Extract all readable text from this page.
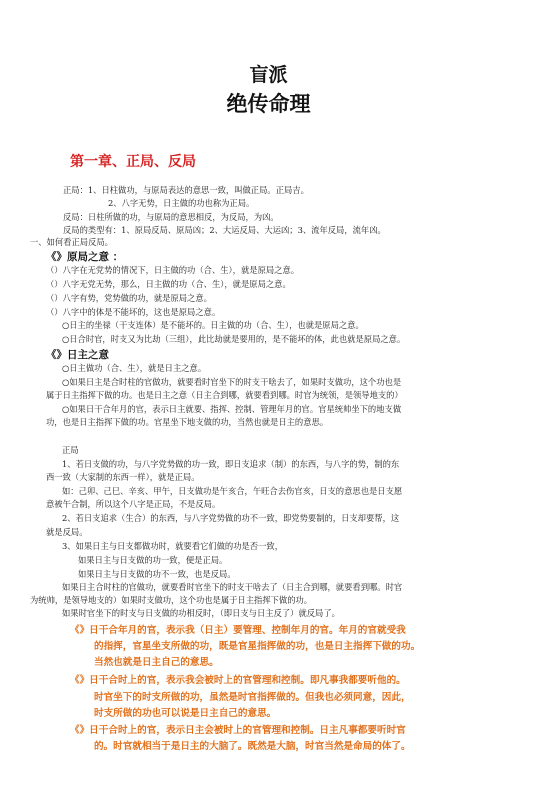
盲派
绝传命理
第一章、正局、反局
正局：1、日柱做功，与原局表达的意思一致，叫做正局。正局吉。
2、八字无势，日主做的功也称为正局。
反局：日柱所做的功，与原局的意思相反，为反局，为凶。
反局的类型有：1、原局反局、原局凶；2、大运反局、大运凶；3、流年反局，流年凶。
一、如何看正局反局。
《》原局之意 ：
（）八字在无党势的情况下，日主做的功（合、生），就是原局之意。
（）八字无党无势，那么，日主做的功（合、生），就是原局之意。
（）八字有势，党势做的功，就是原局之意。
（）八字中的体是不能坏的，这也是原局之意。
○日主的坐禄（干支连体）是不能坏的。日主做的功（合、生），也就是原局之意。
○日合时官，时支又为比劫（三组），此比劫就是要用的，是不能坏的体，此也就是原局之意。
《》日主之意
○日主做功（合、生），就是日主之意。
○如果日主是合时柱的官做功，就要看时官坐下的时支干啥去了，如果时支做功，这个功也是
属于日主指挥下做的功。也是日主之意（日主合到哪，就要看到哪。时官为统领，是领导地支的）
○如果日干合年月的官，表示日主就要、指挥、控制、管理年月的官。官星统帅坐下的地支做
功，也是日主指挥下做的功。官星坐下地支做的功，当然也就是日主的意思。
正局
1、若日支做的功，与八字党势做的功一致，即日支追求（制）的东西，与八字的势，制的东
西一致（大家制的东西一样），就是正局。
如：己卯、己巳、辛亥、甲午，日支做功是午亥合，午旺合去伤官亥，日支的意思也是日支愿
意被午合制，所以这个八字是正局，不是反局。
2、若日支追求（生合）的东西，与八字党势做的功不一致，即党势要制的，日支却要帮，这
就是反局。
3、如果日主与日支都做功时，就要看它们做的功是否一致，
如果日主与日支做的功一致，便是正局。
如果日主与日支做的功不一致，也是反局。
如果日主合时柱的官做功，就要看时官坐下的时支干啥去了（日主合到哪，就要看到哪。时官
为统帅，是领导地支的）如果时支做功，这个功也是属于日主指挥下做的功。
如果时官坐下的时支与日支做的功相反时，（即日支与日主反了）就反局了。
《》日干合年月的官，表示我（日主）要管理、控制年月的官。年月的官就受我
的指挥，官星坐支所做的功，既是官星指挥做的功，也是日主指挥下做的功。
当然也就是日主自己的意思。
《》日干合时上的官，表示我会被时上的官管理和控制。即凡事我都要听他的。
时官坐下的时支所做的功，虽然是时官指挥做的。但我也必须同意，因此，
时支所做的功也可以说是日主自己的意思。
《》日干合时上的官，表示日主会被时上的官管理和控制。日主凡事都要听时官
的。时官就相当于是日主的大脑了。既然是大脑，时官当然是命局的体了。
